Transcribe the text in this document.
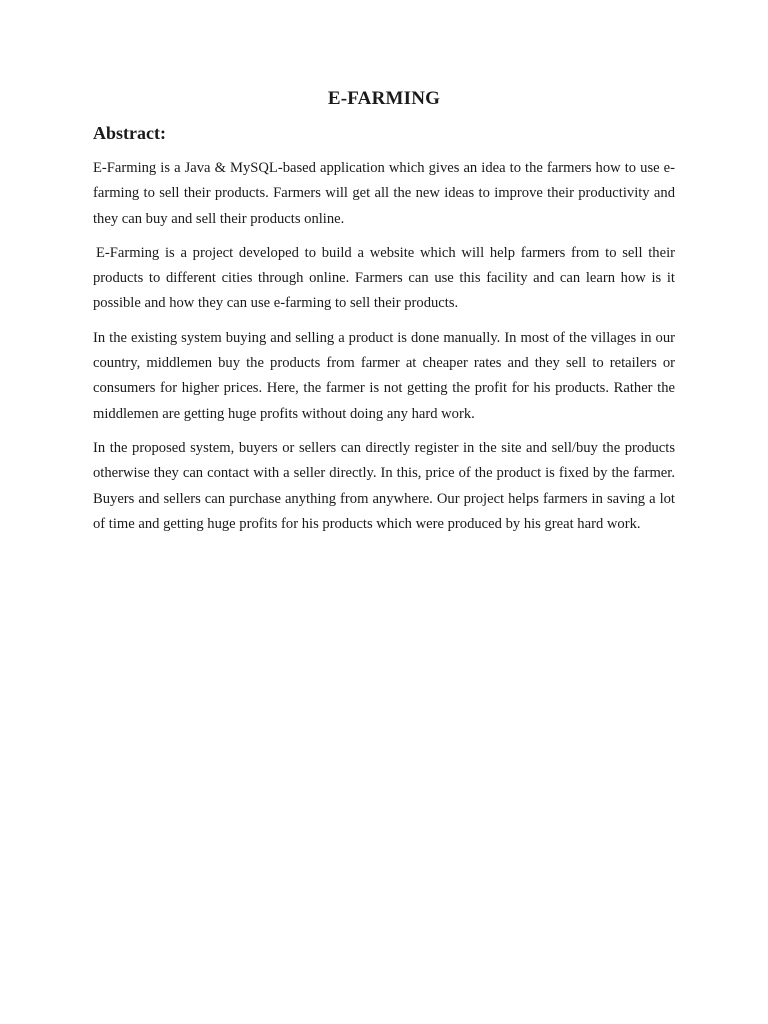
E-FARMING
Abstract:

E-Farming is a Java & MySQL-based application which gives an idea to the farmers how to use e-farming to sell their products. Farmers will get all the new ideas to improve their productivity and they can buy and sell their products online.

E-Farming is a project developed to build a website which will help farmers from to sell their products to different cities through online. Farmers can use this facility and can learn how is it possible and how they can use e-farming to sell their products.

In the existing system buying and selling a product is done manually. In most of the villages in our country, middlemen buy the products from farmer at cheaper rates and they sell to retailers or consumers for higher prices. Here, the farmer is not getting the profit for his products. Rather the middlemen are getting huge profits without doing any hard work.

In the proposed system, buyers or sellers can directly register in the site and sell/buy the products otherwise they can contact with a seller directly. In this, price of the product is fixed by the farmer. Buyers and sellers can purchase anything from anywhere. Our project helps farmers in saving a lot of time and getting huge profits for his products which were produced by his great hard work.
